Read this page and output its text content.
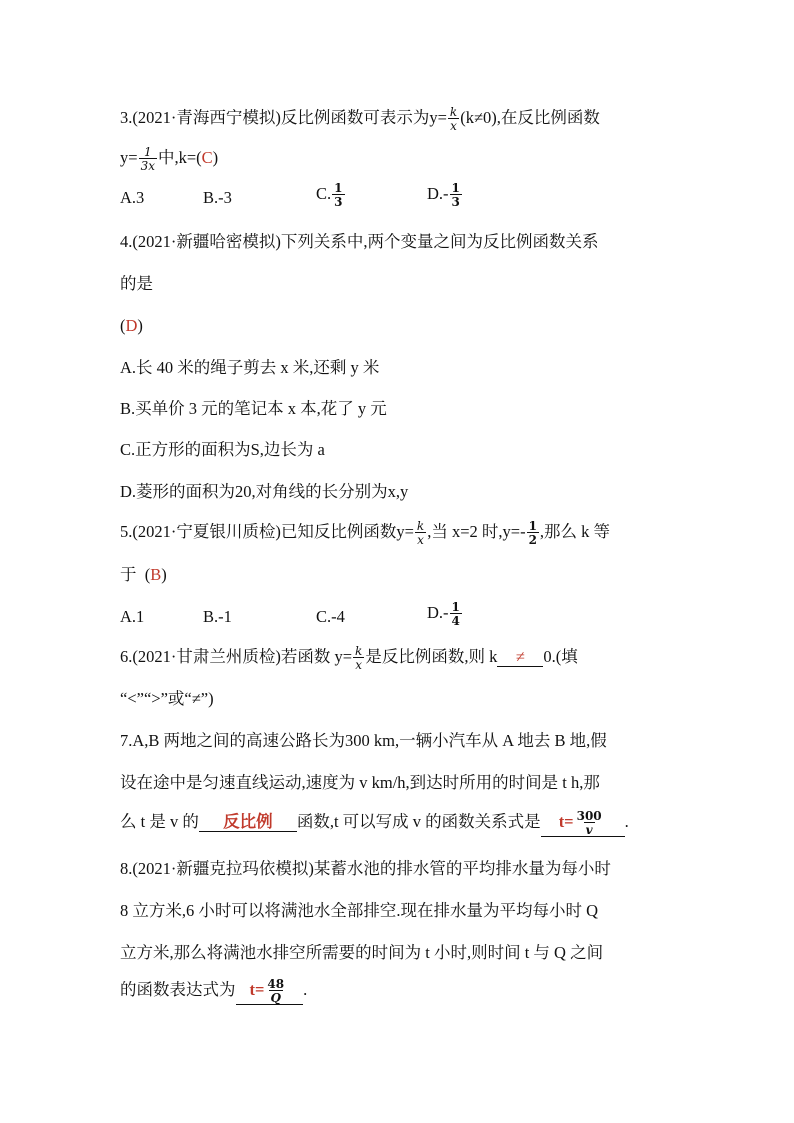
3.(2021·青海西宁模拟)反比例函数可表示为$y= \frac{k}{x} (k\ne 0)$,在反比例函数
$y= \frac{1}{3x}$ 中,k=(C)
A.3	B.-3	C. $\frac{1}{3}$	$D.- \frac{1}{3}$
4.(2021·新疆哈密模拟)下列关系中,两个变量之间为反比例函数关系
的是
(D)
A.长 40 米的绳子剪去 x 米,还剩 y 米
B.买单价 3 元的笔记本 x 本,花了 y 元
C.正方形的面积为S,边长为 a
D.菱形的面积为20,对角线的长分别为x,y
5.(2021·宁夏银川质检)已知反比例函数$y= \frac{k}{x}$ ,当 x=2 时$,y=- \frac{1}{2}$ ,那么 k 等
于 (B)
A.1	B.-1	C.-4	$D.- \frac{1}{4}$
6.(2021·甘肃兰州质检)若函数 $y= \frac{k}{x}$ 是反比例函数,则 k ≠ 0.(填
“<”“>”或“≠”)
7.A,B 两地之间的高速公路长为300 km,一辆小汽车从 A 地去 B 地,假
设在途中是匀速直线运动,速度为 v km/h,到达时所用的时间是 t h,那
么 t 是 v 的 反比例 函数,t 可以写成 v 的函数关系式是 $t= \frac{300}{v}$ .
8.(2021·新疆克拉玛依模拟)某蓄水池的排水管的平均排水量为每小时
8 立方米,6 小时可以将满池水全部排空.现在排水量为平均每小时 Q
立方米,那么将满池水排空所需要的时间为 t 小时,则时间 t 与 Q 之间
的函数表达式为 $t= \frac{48}{Q}$ .
